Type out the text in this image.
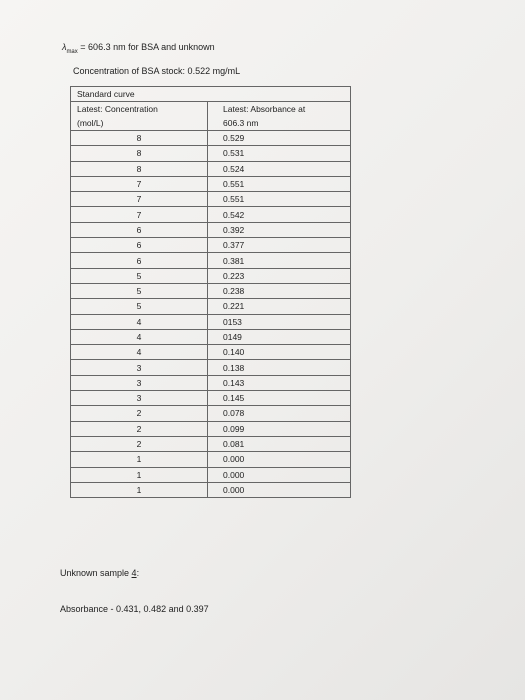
$\lambda_{max} = 606.3$ nm for BSA and unknown
Concentration of BSA stock: 0.522 mg/mL
Standard curve	
Latest: Concentration	Latest: Absorbance at
(mol/L)	606.3 nm
8	0.529
8	0.531
8	0.524
7	0.551
7	0.551
7	0.542
6	0.392
6	0.377
6	0.381
5	0.223
5	0.238
5	0.221
4	0153
4	0149
4	0.140
3	0.138
3	0.143
3	0.145
2	0.078
2	0.099
2	0.081
1	0.000
1	0.000
1	0.000
Unknown sample 4:
Absorbance - 0.431, 0.482 and 0.397
